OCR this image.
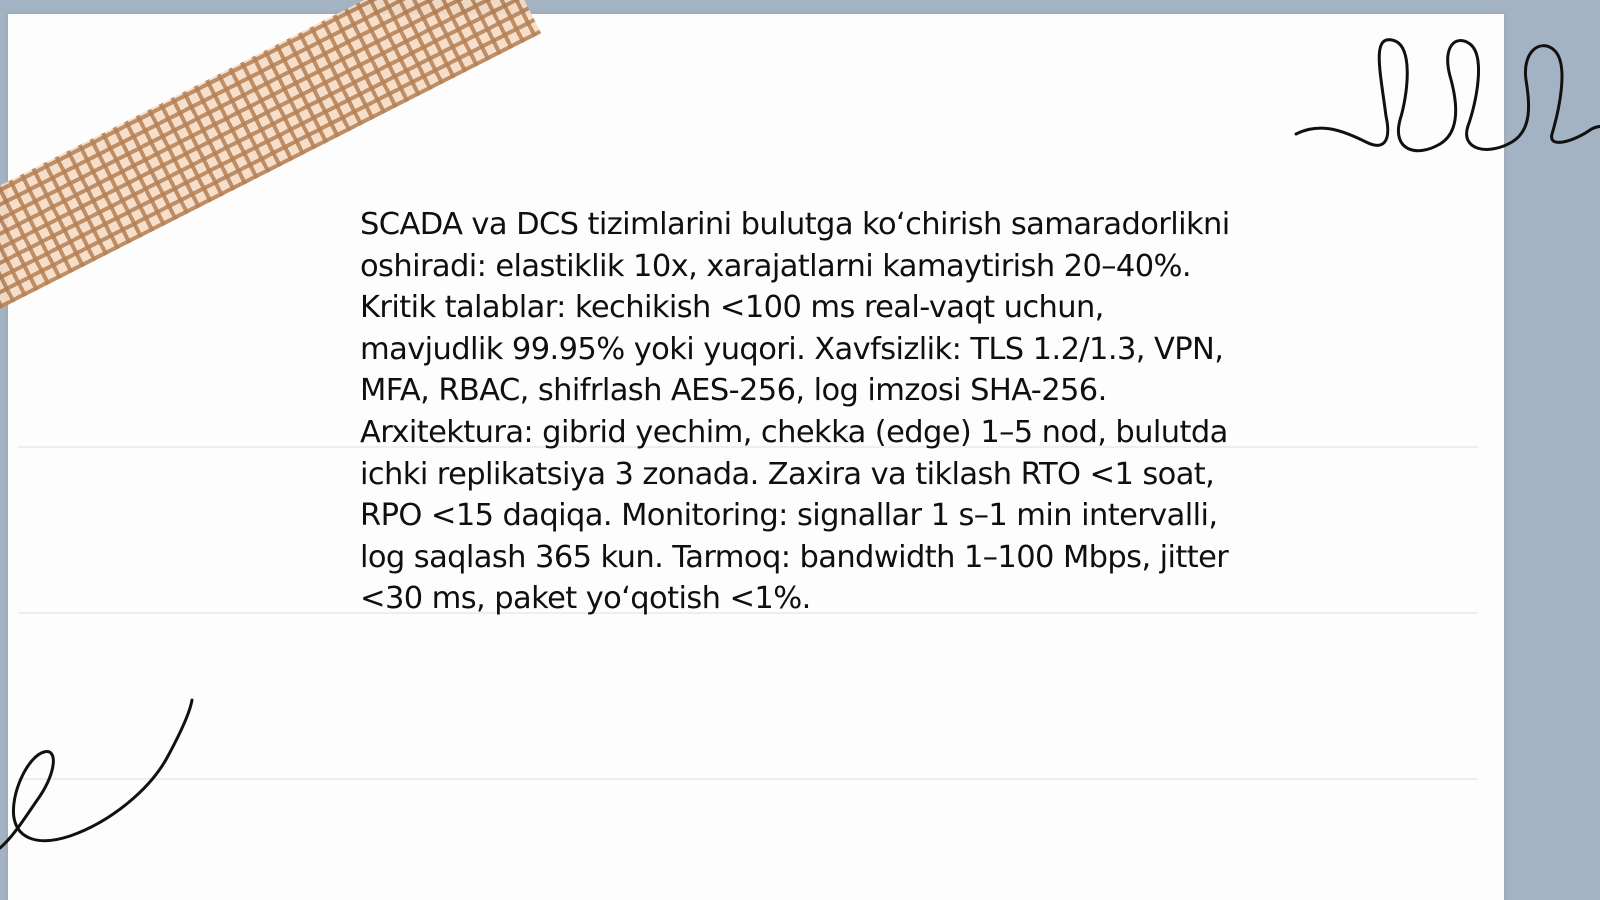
SCADA va DCS tizimlarini bulutga ko‘chirish samaradorlikni oshiradi: elastiklik 10x, xarajatlarni kamaytirish 20–40%. Kritik talablar: kechikish <100 ms real-vaqt uchun, mavjudlik 99.95% yoki yuqori. Xavfsizlik: TLS 1.2/1.3, VPN, MFA, RBAC, shifrlash AES-256, log imzosi SHA-256. Arxitektura: gibrid yechim, chekka (edge) 1–5 nod, bulutda ichki replikatsiya 3 zonada. Zaxira va tiklash RTO <1 soat, RPO <15 daqiqa. Monitoring: signallar 1 s–1 min intervalli, log saqlash 365 kun. Tarmoq: bandwidth 1–100 Mbps, jitter <30 ms, paket yo‘qotish <1%.
